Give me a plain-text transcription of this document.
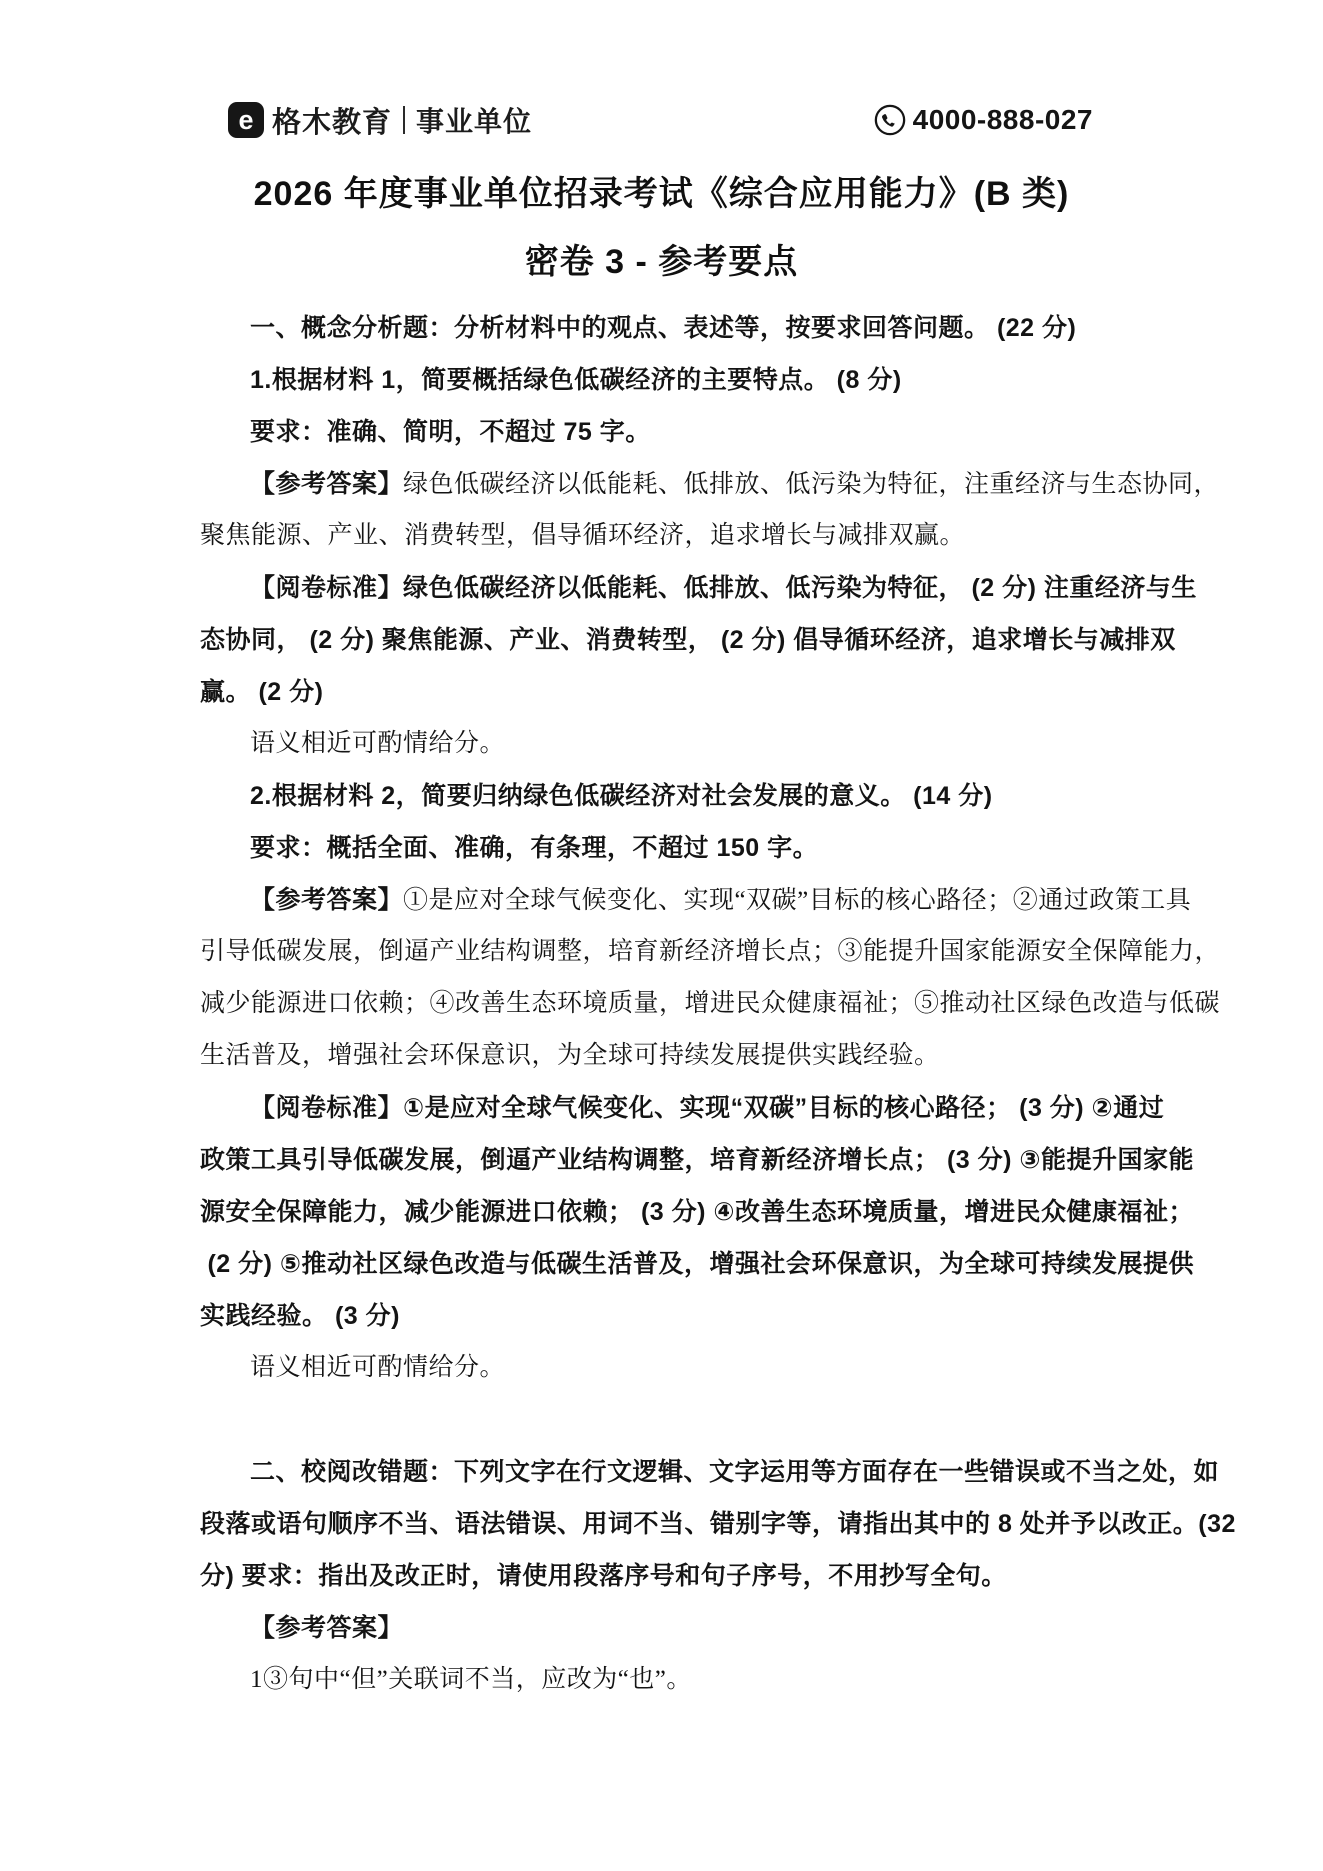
e 格木教育 事业单位	4000-888-027
2026 年度事业单位招录考试《综合应用能力》(B 类)
密卷 3 - 参考要点
一、概念分析题：分析材料中的观点、表述等，按要求回答问题。 (22 分)
1.根据材料 1，简要概括绿色低碳经济的主要特点。 (8 分)
要求：准确、简明，不超过 75 字。
【参考答案】绿色低碳经济以低能耗、低排放、低污染为特征，注重经济与生态协同，
聚焦能源、产业、消费转型，倡导循环经济，追求增长与减排双赢。
【阅卷标准】绿色低碳经济以低能耗、低排放、低污染为特征， (2 分) 注重经济与生
态协同， (2 分) 聚焦能源、产业、消费转型， (2 分) 倡导循环经济，追求增长与减排双
赢。 (2 分)
语义相近可酌情给分。
2.根据材料 2，简要归纳绿色低碳经济对社会发展的意义。 (14 分)
要求：概括全面、准确，有条理，不超过 150 字。
【参考答案】①是应对全球气候变化、实现“双碳”目标的核心路径；②通过政策工具
引导低碳发展，倒逼产业结构调整，培育新经济增长点；③能提升国家能源安全保障能力，
减少能源进口依赖；④改善生态环境质量，增进民众健康福祉；⑤推动社区绿色改造与低碳
生活普及，增强社会环保意识，为全球可持续发展提供实践经验。
【阅卷标准】①是应对全球气候变化、实现“双碳”目标的核心路径； (3 分) ②通过
政策工具引导低碳发展，倒逼产业结构调整，培育新经济增长点； (3 分) ③能提升国家能
源安全保障能力，减少能源进口依赖； (3 分) ④改善生态环境质量，增进民众健康福祉；
(2 分) ⑤推动社区绿色改造与低碳生活普及，增强社会环保意识，为全球可持续发展提供
实践经验。 (3 分)
语义相近可酌情给分。
二、校阅改错题：下列文字在行文逻辑、文字运用等方面存在一些错误或不当之处，如
段落或语句顺序不当、语法错误、用词不当、错别字等，请指出其中的 8 处并予以改正。(32
分) 要求：指出及改正时，请使用段落序号和句子序号，不用抄写全句。
【参考答案】
1③句中“但”关联词不当，应改为“也”。
